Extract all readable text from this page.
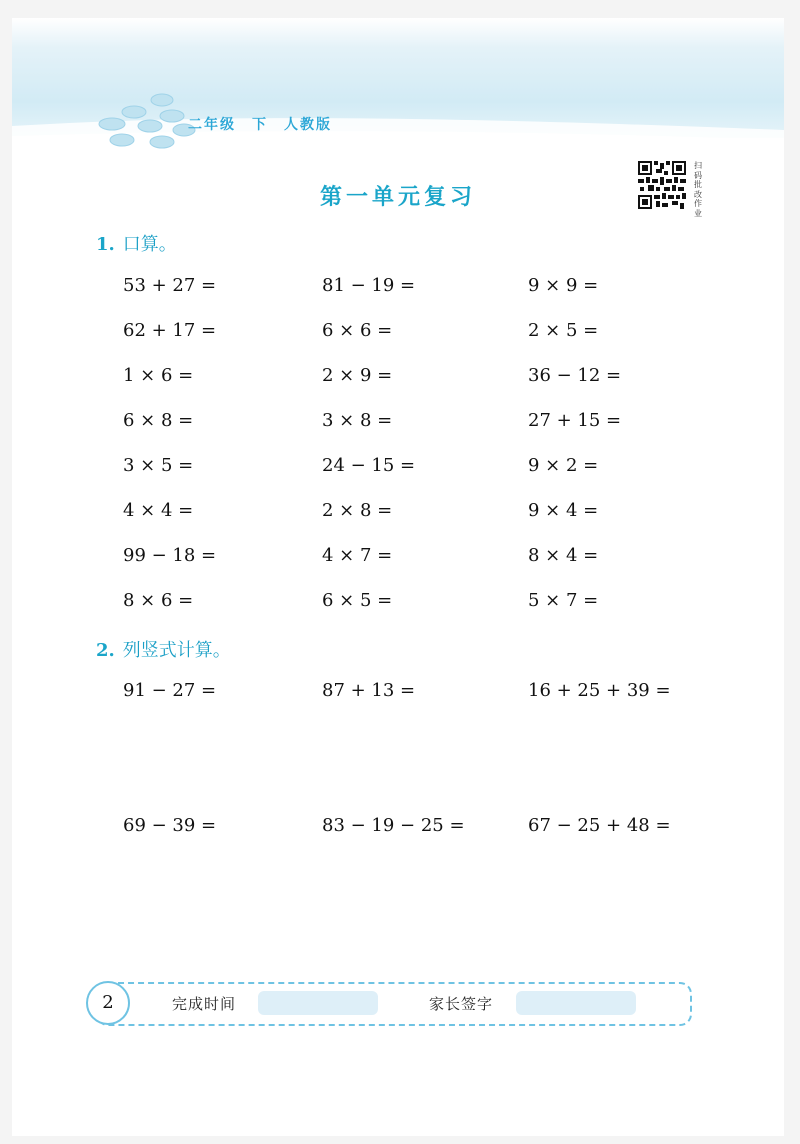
二年级　下　人教版
第一单元复习
扫
码
批
改
作
业
1. 口算。
53 + 27 =	81 − 19 =	9 × 9 =
62 + 17 =	6 × 6 =	2 × 5 =
1 × 6 =	2 × 9 =	36 − 12 =
6 × 8 =	3 × 8 =	27 + 15 =
3 × 5 =	24 − 15 =	9 × 2 =
4 × 4 =	2 × 8 =	9 × 4 =
99 − 18 =	4 × 7 =	8 × 4 =
8 × 6 =	6 × 5 =	5 × 7 =
2. 列竖式计算。
91 − 27 =	87 + 13 =	16 + 25 + 39 =
69 − 39 =	83 − 19 − 25 =	67 − 25 + 48 =
2	完成时间	家长签字
